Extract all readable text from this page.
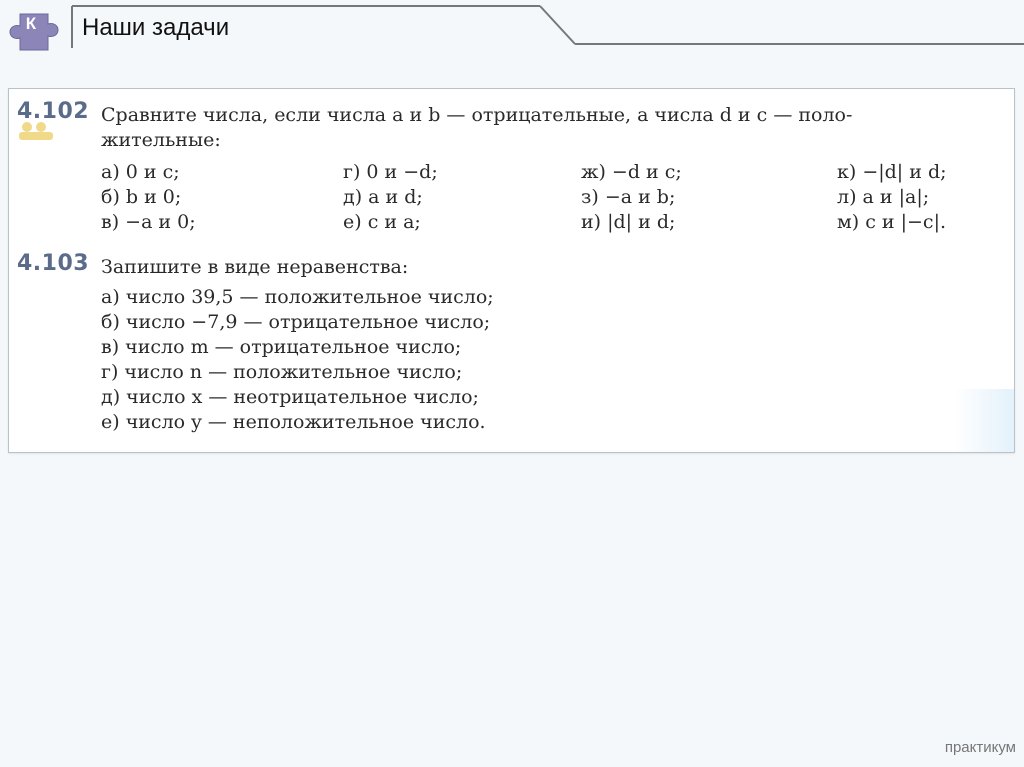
К Наши задачи
4.102 Сравните числа, если числа a и b — отрицательные, а числа d и c — поло-
жительные:
а) 0 и c;
б) b и 0;
в) −a и 0;
г) 0 и −d;
д) a и d;
е) c и a;
ж) −d и c;
з) −a и b;
и) |d| и d;
к) −|d| и d;
л) a и |a|;
м) c и |−c|.
4.103 Запишите в виде неравенства:
а) число 39,5 — положительное число;
б) число −7,9 — отрицательное число;
в) число m — отрицательное число;
г) число n — положительное число;
д) число x — неотрицательное число;
е) число y — неположительное число.
практикум
